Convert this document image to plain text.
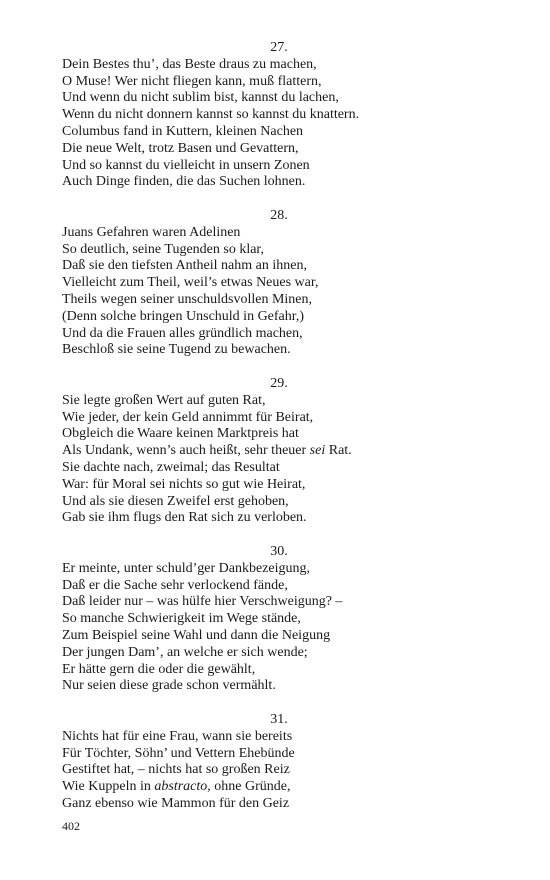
27.
Dein Bestes thu’, das Beste draus zu machen,
O Muse! Wer nicht fliegen kann, muß flattern,
Und wenn du nicht sublim bist, kannst du lachen,
Wenn du nicht donnern kannst so kannst du knattern.
Columbus fand in Kuttern, kleinen Nachen
Die neue Welt, trotz Basen und Gevattern,
Und so kannst du vielleicht in unsern Zonen
Auch Dinge finden, die das Suchen lohnen.
28.
Juans Gefahren waren Adelinen
So deutlich, seine Tugenden so klar,
Daß sie den tiefsten Antheil nahm an ihnen,
Vielleicht zum Theil, weil’s etwas Neues war,
Theils wegen seiner unschuldsvollen Minen,
(Denn solche bringen Unschuld in Gefahr,)
Und da die Frauen alles gründlich machen,
Beschloß sie seine Tugend zu bewachen.
29.
Sie legte großen Wert auf guten Rat,
Wie jeder, der kein Geld annimmt für Beirat,
Obgleich die Waare keinen Marktpreis hat
Als Undank, wenn’s auch heißt, sehr theuer sei Rat.
Sie dachte nach, zweimal; das Resultat
War: für Moral sei nichts so gut wie Heirat,
Und als sie diesen Zweifel erst gehoben,
Gab sie ihm flugs den Rat sich zu verloben.
30.
Er meinte, unter schuld’ger Dankbezeigung,
Daß er die Sache sehr verlockend fände,
Daß leider nur – was hülfe hier Verschweigung? –
So manche Schwierigkeit im Wege stände,
Zum Beispiel seine Wahl und dann die Neigung
Der jungen Dam’, an welche er sich wende;
Er hätte gern die oder die gewählt,
Nur seien diese grade schon vermählt.
31.
Nichts hat für eine Frau, wann sie bereits
Für Töchter, Söhn’ und Vettern Ehebünde
Gestiftet hat, – nichts hat so großen Reiz
Wie Kuppeln in abstracto, ohne Gründe,
Ganz ebenso wie Mammon für den Geiz
402
